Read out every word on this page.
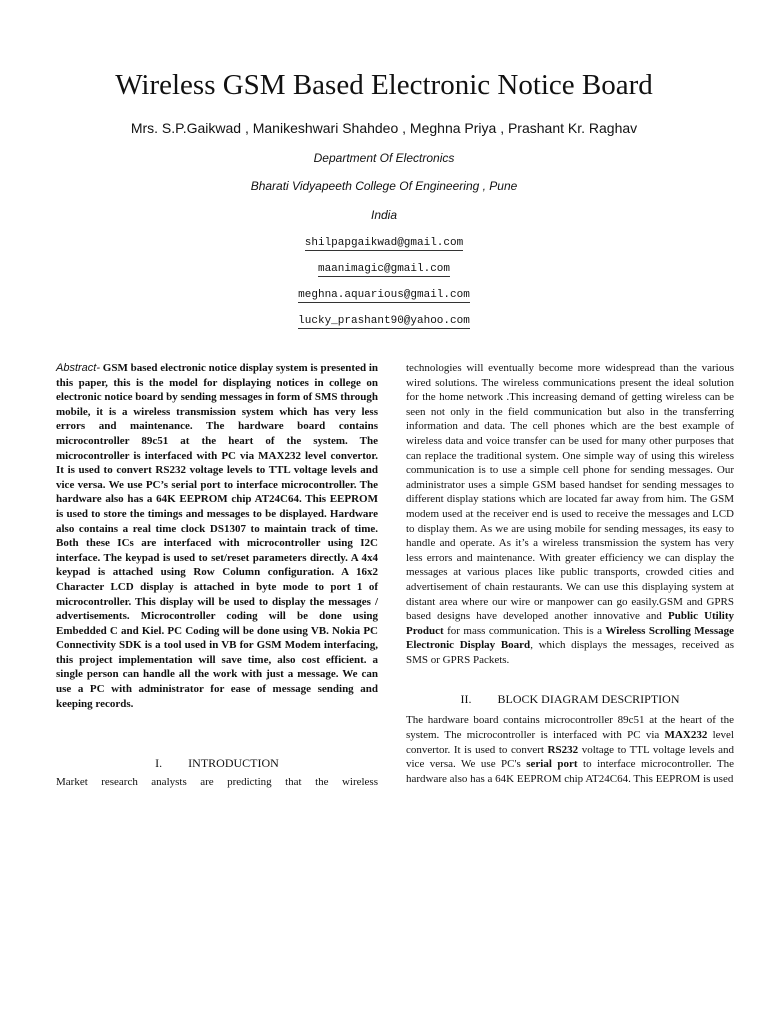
Wireless GSM Based Electronic Notice Board
Mrs. S.P.Gaikwad , Manikeshwari Shahdeo , Meghna Priya , Prashant Kr. Raghav
Department Of Electronics
Bharati Vidyapeeth College Of Engineering , Pune
India
shilpapgaikwad@gmail.com
maanimagic@gmail.com
meghna.aquarious@gmail.com
lucky_prashant90@yahoo.com

Abstract- GSM based electronic notice display system is presented in this paper, this is the model for displaying notices in college on electronic notice board by sending messages in form of SMS through mobile, it is a wireless transmission system which has very less errors and maintenance. The hardware board contains microcontroller 89c51 at the heart of the system. The microcontroller is interfaced with PC via MAX232 level convertor. It is used to convert RS232 voltage levels to TTL voltage levels and vice versa. We use PC’s serial port to interface microcontroller. The hardware also has a 64K EEPROM chip AT24C64. This EEPROM is used to store the timings and messages to be displayed. Hardware also contains a real time clock DS1307 to maintain track of time. Both these ICs are interfaced with microcontroller using I2C interface. The keypad is used to set/reset parameters directly. A 4x4 keypad is attached using Row Column configuration. A 16x2 Character LCD display is attached in byte mode to port 1 of microcontroller. This display will be used to display the messages / advertisements. Microcontroller coding will be done using Embedded C and Kiel. PC Coding will be done using VB. Nokia PC Connectivity SDK is a tool used in VB for GSM Modem interfacing, this project implementation will save time, also cost efficient. a single person can handle all the work with just a message. We can use a PC with administrator for ease of message sending and keeping records.

I. INTRODUCTION

Market research analysts are predicting that the wireless

technologies will eventually become more widespread than the various wired solutions. The wireless communications present the ideal solution for the home network .This increasing demand of getting wireless can be seen not only in the field communication but also in the transferring information and data. The cell phones which are the best example of wireless data and voice transfer can be used for many other purposes that can replace the traditional system. One simple way of using this wireless communication is to use a simple cell phone for sending messages. Our administrator uses a simple GSM based handset for sending messages to different display stations which are located far away from him. The GSM modem used at the receiver end is used to receive the messages and LCD to display them. As we are using mobile for sending messages, its easy to handle and operate. As it’s a wireless transmission the system has very less errors and maintenance. With greater efficiency we can display the messages at various places like public transports, crowded cities and advertisement of chain restaurants. We can use this displaying system at distant area where our wire or manpower can go easily.GSM and GPRS based designs have developed another innovative and Public Utility Product for mass communication. This is a Wireless Scrolling Message Electronic Display Board, which displays the messages, received as SMS or GPRS Packets.

II. BLOCK DIAGRAM DESCRIPTION

The hardware board contains microcontroller 89c51 at the heart of the system. The microcontroller is interfaced with PC via MAX232 level convertor. It is used to convert RS232 voltage to TTL voltage levels and vice versa. We use PC's serial port to interface microcontroller. The hardware also has a 64K EEPROM chip AT24C64. This EEPROM is used
